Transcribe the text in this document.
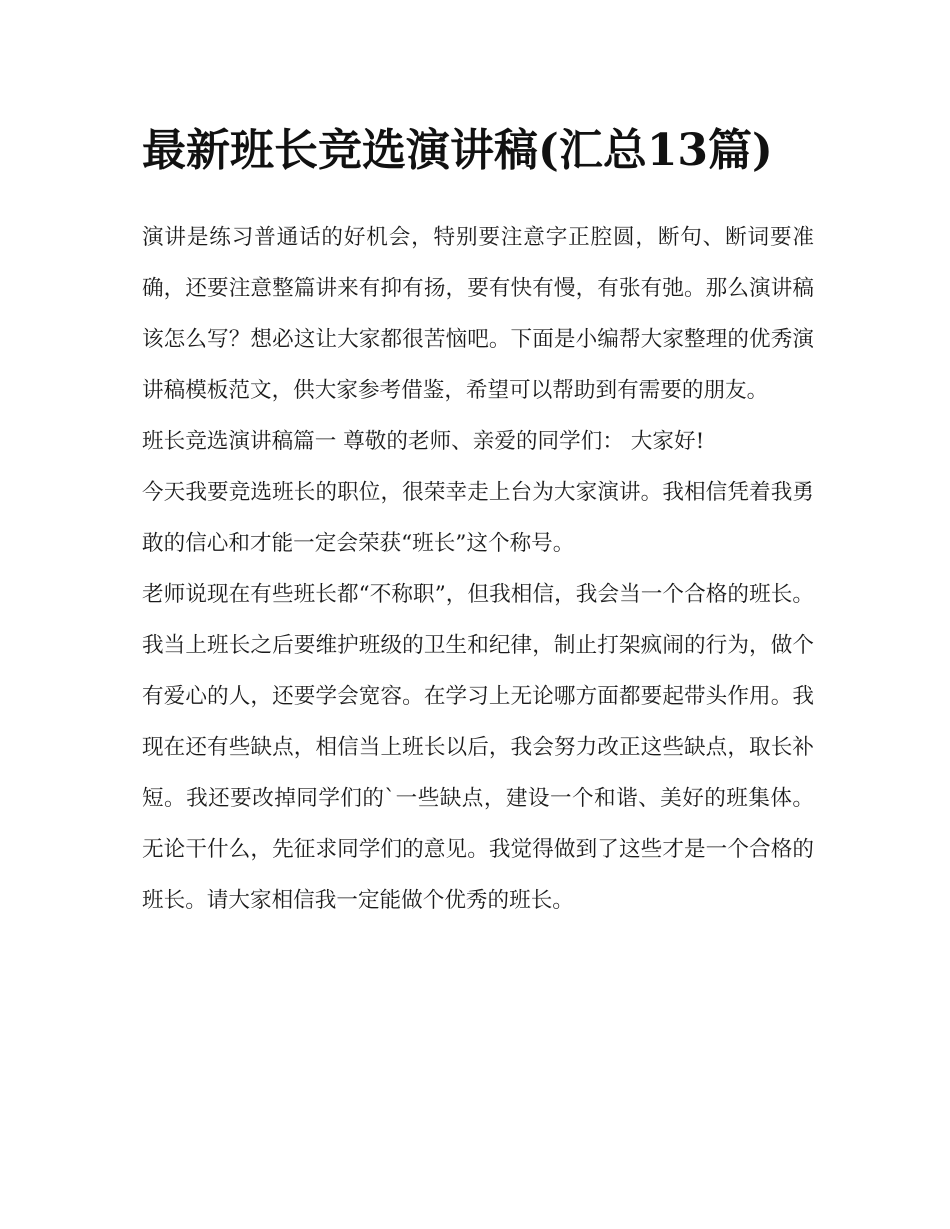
最新班长竞选演讲稿(汇总13篇)

演讲是练习普通话的好机会，特别要注意字正腔圆，断句、断词要准确，还要注意整篇讲来有抑有扬，要有快有慢，有张有弛。那么演讲稿该怎么写？想必这让大家都很苦恼吧。下面是小编帮大家整理的优秀演讲稿模板范文，供大家参考借鉴，希望可以帮助到有需要的朋友。

班长竞选演讲稿篇一 尊敬的老师、亲爱的同学们： 大家好!

今天我要竞选班长的职位，很荣幸走上台为大家演讲。我相信凭着我勇敢的信心和才能一定会荣获“班长”这个称号。

老师说现在有些班长都“不称职”，但我相信，我会当一个合格的班长。我当上班长之后要维护班级的卫生和纪律，制止打架疯闹的行为，做个有爱心的人，还要学会宽容。在学习上无论哪方面都要起带头作用。我现在还有些缺点，相信当上班长以后，我会努力改正这些缺点，取长补短。我还要改掉同学们的`一些缺点，建设一个和谐、美好的班集体。无论干什么，先征求同学们的意见。我觉得做到了这些才是一个合格的班长。请大家相信我一定能做个优秀的班长。
